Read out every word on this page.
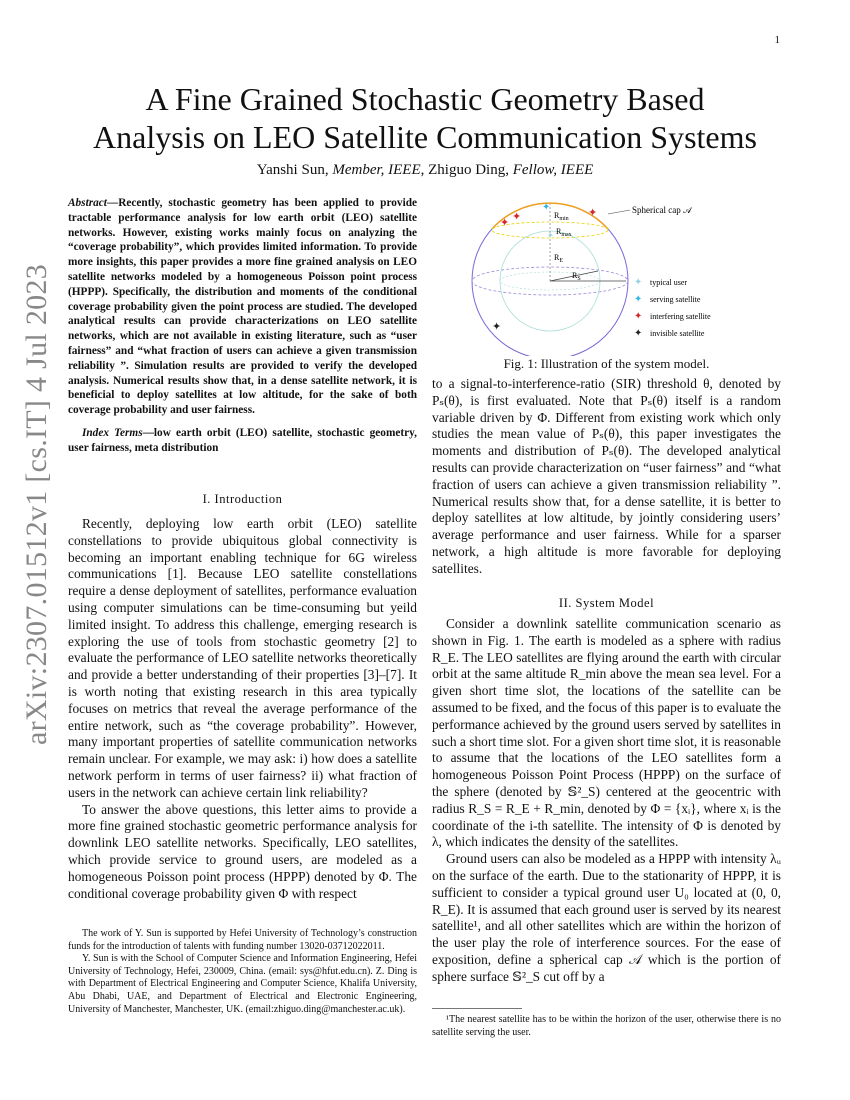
1
arXiv:2307.01512v1 [cs.IT] 4 Jul 2023
A Fine Grained Stochastic Geometry Based
Analysis on LEO Satellite Communication Systems
Yanshi Sun, Member, IEEE, Zhiguo Ding, Fellow, IEEE
Abstract—Recently, stochastic geometry has been applied to provide tractable performance analysis for low earth orbit (LEO) satellite networks. However, existing works mainly focus on analyzing the “coverage probability”, which provides limited information. To provide more insights, this paper provides a more fine grained analysis on LEO satellite networks modeled by a homogeneous Poisson point process (HPPP). Specifically, the distribution and moments of the conditional coverage probability given the point process are studied. The developed analytical results can provide characterizations on LEO satellite networks, which are not available in existing literature, such as “user fairness” and “what fraction of users can achieve a given transmission reliability ”. Simulation results are provided to verify the developed analysis. Numerical results show that, in a dense satellite network, it is beneficial to deploy satellites at low altitude, for the sake of both coverage probability and user fairness.
Index Terms—low earth orbit (LEO) satellite, stochastic geometry, user fairness, meta distribution
I. Introduction

Recently, deploying low earth orbit (LEO) satellite constellations to provide ubiquitous global connectivity is becoming an important enabling technique for 6G wireless communications [1]. Because LEO satellite constellations require a dense deployment of satellites, performance evaluation using computer simulations can be time-consuming but yeild limited insight. To address this challenge, emerging research is exploring the use of tools from stochastic geometry [2] to evaluate the performance of LEO satellite networks theoretically and provide a better understanding of their properties [3]–[7]. It is worth noting that existing research in this area typically focuses on metrics that reveal the average performance of the entire network, such as “the coverage probability”. However, many important properties of satellite communication networks remain unclear. For example, we may ask: i) how does a satellite network perform in terms of user fairness? ii) what fraction of users in the network can achieve certain link reliability?

To answer the above questions, this letter aims to provide a more fine grained stochastic geometric performance analysis for downlink LEO satellite networks. Specifically, LEO satellites, which provide service to ground users, are modeled as a homogeneous Poisson point process (HPPP) denoted by Φ. The conditional coverage probability given Φ with respect

The work of Y. Sun is supported by Hefei University of Technology’s construction funds for the introduction of talents with funding number 13020-03712022011.

Y. Sun is with the School of Computer Science and Information Engineering, Hefei University of Technology, Hefei, 230009, China. (email: sys@hfut.edu.cn). Z. Ding is with Department of Electrical Engineering and Computer Science, Khalifa University, Abu Dhabi, UAE, and Department of Electrical and Electronic Engineering, University of Manchester, Manchester, UK. (email:zhiguo.ding@manchester.ac.uk).

$R_{min}$
$R_{max}$
$R_E$
$R_S$
Spherical cap 𝒜
✦ ✦	✦
✦
✦
✦
✦ typical user
✦ serving satellite
✦ interfering satellite
✦ invisible satellite
Fig. 1: Illustration of the system model.

to a signal-to-interference-ratio (SIR) threshold θ, denoted by Pₛ(θ), is first evaluated. Note that Pₛ(θ) itself is a random variable driven by Φ. Different from existing work which only studies the mean value of Pₛ(θ), this paper investigates the moments and distribution of Pₛ(θ). The developed analytical results can provide characterization on “user fairness” and “what fraction of users can achieve a given transmission reliability ”. Numerical results show that, for a dense satellite, it is better to deploy satellites at low altitude, by jointly considering users’ average performance and user fairness. While for a sparser network, a high altitude is more favorable for deploying satellites.

II. System Model

Consider a downlink satellite communication scenario as shown in Fig. 1. The earth is modeled as a sphere with radius R_E. The LEO satellites are flying around the earth with circular orbit at the same altitude R_min above the mean sea level. For a given short time slot, the locations of the satellite can be assumed to be fixed, and the focus of this paper is to evaluate the performance achieved by the ground users served by satellites in such a short time slot. For a given short time slot, it is reasonable to assume that the locations of the LEO satellites form a homogeneous Poisson Point Process (HPPP) on the surface of the sphere (denoted by 𝕊²_S) centered at the geocentric with radius R_S = R_E + R_min, denoted by Φ = {xᵢ}, where xᵢ is the coordinate of the i-th satellite. The intensity of Φ is denoted by λ, which indicates the density of the satellites.

Ground users can also be modeled as a HPPP with intensity λᵤ on the surface of the earth. Due to the stationarity of HPPP, it is sufficient to consider a typical ground user U₀ located at (0, 0, R_E). It is assumed that each ground user is served by its nearest satellite¹, and all other satellites which are within the horizon of the user play the role of interference sources. For the ease of exposition, define a spherical cap 𝒜 which is the portion of sphere surface 𝕊²_S cut off by a

¹The nearest satellite has to be within the horizon of the user, otherwise there is no satellite serving the user.
